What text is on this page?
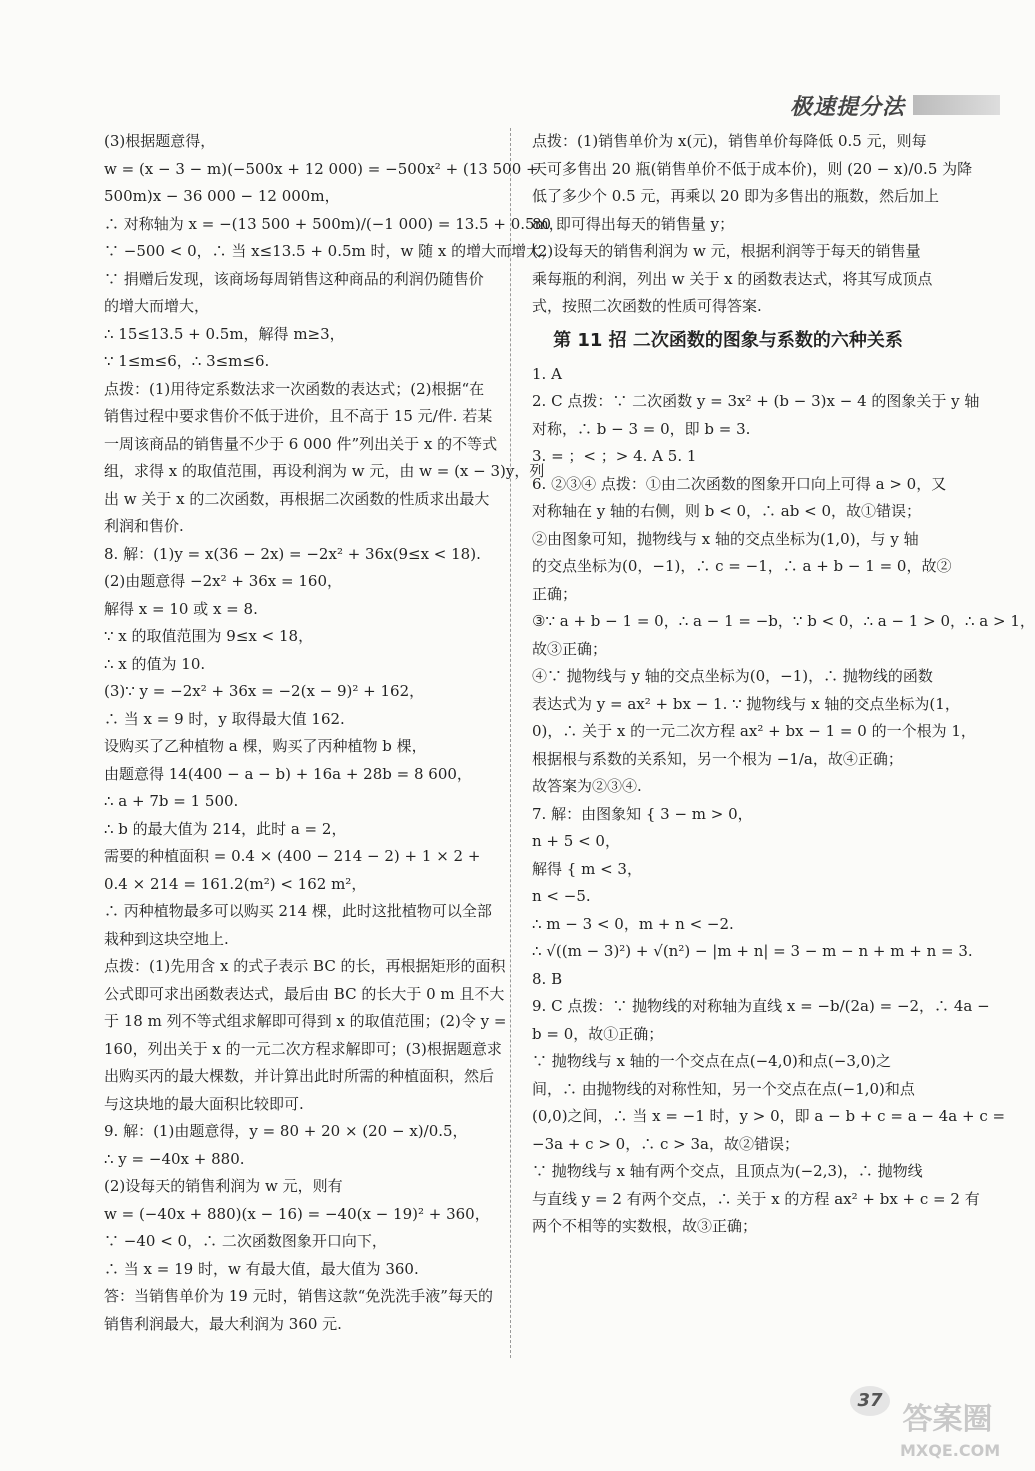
极速提分法
(3)根据题意得，
w = (x − 3 − m)(−500x + 12 000) = −500x² + (13 500 +
500m)x − 36 000 − 12 000m，
∴ 对称轴为 x = −(13 500 + 500m)/(−1 000) = 13.5 + 0.5m，
∵ −500 < 0，∴ 当 x≤13.5 + 0.5m 时，w 随 x 的增大而增大，
∵ 捐赠后发现，该商场每周销售这种商品的利润仍随售价
的增大而增大，
∴ 15≤13.5 + 0.5m，解得 m≥3，
∵ 1≤m≤6，∴ 3≤m≤6.
点拨：(1)用待定系数法求一次函数的表达式；(2)根据“在
销售过程中要求售价不低于进价，且不高于 15 元/件. 若某
一周该商品的销售量不少于 6 000 件”列出关于 x 的不等式
组，求得 x 的取值范围，再设利润为 w 元，由 w = (x − 3)y，列
出 w 关于 x 的二次函数，再根据二次函数的性质求出最大
利润和售价.
8. 解：(1)y = x(36 − 2x) = −2x² + 36x(9≤x < 18).
(2)由题意得 −2x² + 36x = 160，
解得 x = 10 或 x = 8.
∵ x 的取值范围为 9≤x < 18，
∴ x 的值为 10.
(3)∵ y = −2x² + 36x = −2(x − 9)² + 162，
∴ 当 x = 9 时，y 取得最大值 162.
设购买了乙种植物 a 棵，购买了丙种植物 b 棵，
由题意得 14(400 − a − b) + 16a + 28b = 8 600，
∴ a + 7b = 1 500.
∴ b 的最大值为 214，此时 a = 2，
需要的种植面积 = 0.4 × (400 − 214 − 2) + 1 × 2 +
0.4 × 214 = 161.2(m²) < 162 m²，
∴ 丙种植物最多可以购买 214 棵，此时这批植物可以全部
栽种到这块空地上.
点拨：(1)先用含 x 的式子表示 BC 的长，再根据矩形的面积
公式即可求出函数表达式，最后由 BC 的长大于 0 m 且不大
于 18 m 列不等式组求解即可得到 x 的取值范围；(2)令 y =
160，列出关于 x 的一元二次方程求解即可；(3)根据题意求
出购买丙的最大棵数，并计算出此时所需的种植面积，然后
与这块地的最大面积比较即可.
9. 解：(1)由题意得，y = 80 + 20 × (20 − x)/0.5，
∴ y = −40x + 880.
(2)设每天的销售利润为 w 元，则有
w = (−40x + 880)(x − 16) = −40(x − 19)² + 360，
∵ −40 < 0，∴ 二次函数图象开口向下，
∴ 当 x = 19 时，w 有最大值，最大值为 360.
答：当销售单价为 19 元时，销售这款“免洗洗手液”每天的
销售利润最大，最大利润为 360 元.
点拨：(1)销售单价为 x(元)，销售单价每降低 0.5 元，则每
天可多售出 20 瓶(销售单价不低于成本价)，则 (20 − x)/0.5 为降
低了多少个 0.5 元，再乘以 20 即为多售出的瓶数，然后加上
80 即可得出每天的销售量 y；
(2)设每天的销售利润为 w 元，根据利润等于每天的销售量
乘每瓶的利润，列出 w 关于 x 的函数表达式，将其写成顶点
式，按照二次函数的性质可得答案.
第 11 招 二次函数的图象与系数的六种关系
1. A
2. C 点拨：∵ 二次函数 y = 3x² + (b − 3)x − 4 的图象关于 y 轴
对称，∴ b − 3 = 0，即 b = 3.
3. = ；< ；> 4. A 5. 1
6. ②③④ 点拨：①由二次函数的图象开口向上可得 a > 0，又
对称轴在 y 轴的右侧，则 b < 0，∴ ab < 0，故①错误；
②由图象可知，抛物线与 x 轴的交点坐标为(1,0)，与 y 轴
的交点坐标为(0，−1)，∴ c = −1，∴ a + b − 1 = 0，故②
正确；
③∵ a + b − 1 = 0，∴ a − 1 = −b，∵ b < 0，∴ a − 1 > 0，∴ a > 1，
故③正确；
④∵ 抛物线与 y 轴的交点坐标为(0，−1)，∴ 抛物线的函数
表达式为 y = ax² + bx − 1. ∵ 抛物线与 x 轴的交点坐标为(1，
0)，∴ 关于 x 的一元二次方程 ax² + bx − 1 = 0 的一个根为 1，
根据根与系数的关系知，另一个根为 −1/a，故④正确；
故答案为②③④.
7. 解：由图象知 { 3 − m > 0，
n + 5 < 0，
解得 { m < 3，
n < −5.
∴ m − 3 < 0，m + n < −2.
∴ √((m − 3)²) + √(n²) − |m + n| = 3 − m − n + m + n = 3.
8. B
9. C 点拨：∵ 抛物线的对称轴为直线 x = −b/(2a) = −2，∴ 4a −
b = 0，故①正确；
∵ 抛物线与 x 轴的一个交点在点(−4,0)和点(−3,0)之
间，∴ 由抛物线的对称性知，另一个交点在点(−1,0)和点
(0,0)之间，∴ 当 x = −1 时，y > 0，即 a − b + c = a − 4a + c =
−3a + c > 0，∴ c > 3a，故②错误；
∵ 抛物线与 x 轴有两个交点，且顶点为(−2,3)，∴ 抛物线
与直线 y = 2 有两个交点，∴ 关于 x 的方程 ax² + bx + c = 2 有
两个不相等的实数根，故③正确；
37
答案圈
MXQE.COM
